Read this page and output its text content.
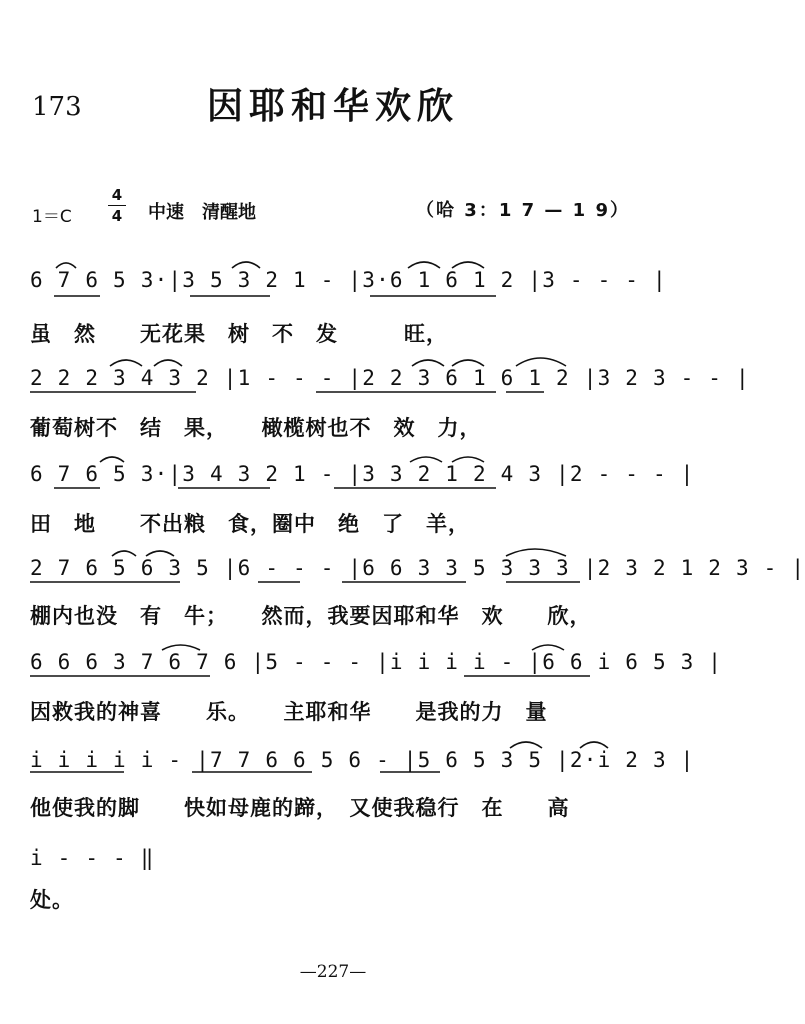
173	因耶和华欢欣
1＝C
4
4 中速　清醒地	（哈 3：1 7 — 1 9）
6 7 6 5 3·|3 5 3 2 1 - |3·6 1 6 1 2 |3 - - - |
虽　然　　无花果　树　不　发　　　旺，
2 2 2 3 4 3 2 |1 - - - |2 2 3 6 1 6 1 2 |3 2 3 - - |
葡萄树不　结　果，　　橄榄树也不　效　力，
6 7 6 5 3·|3 4 3 2 1 - |3 3 2 1 2 4 3 |2 - - - |
田　地　　不出粮　食，圈中　绝　了　羊，
2 7 6 5 6 3 5 |6 - - - |6 6 3 3 5 3 3 3 |2 3 2 1 2 3 - |
棚内也没　有　牛；　　然而，我要因耶和华　欢　　欣，
6 6 6 3 7 6 7 6 |5 - - - |i i i i - |6 6 i 6 5 3 |
因救我的神喜　　乐。　　主耶和华　　是我的力　量
i i i i i - |7 7 6 6 5 6 - |5 6 5 3 5 |2·i 2 3 |
他使我的脚　　快如母鹿的蹄，　又使我稳行　在　　高
i - - - ‖
处。
—227—
